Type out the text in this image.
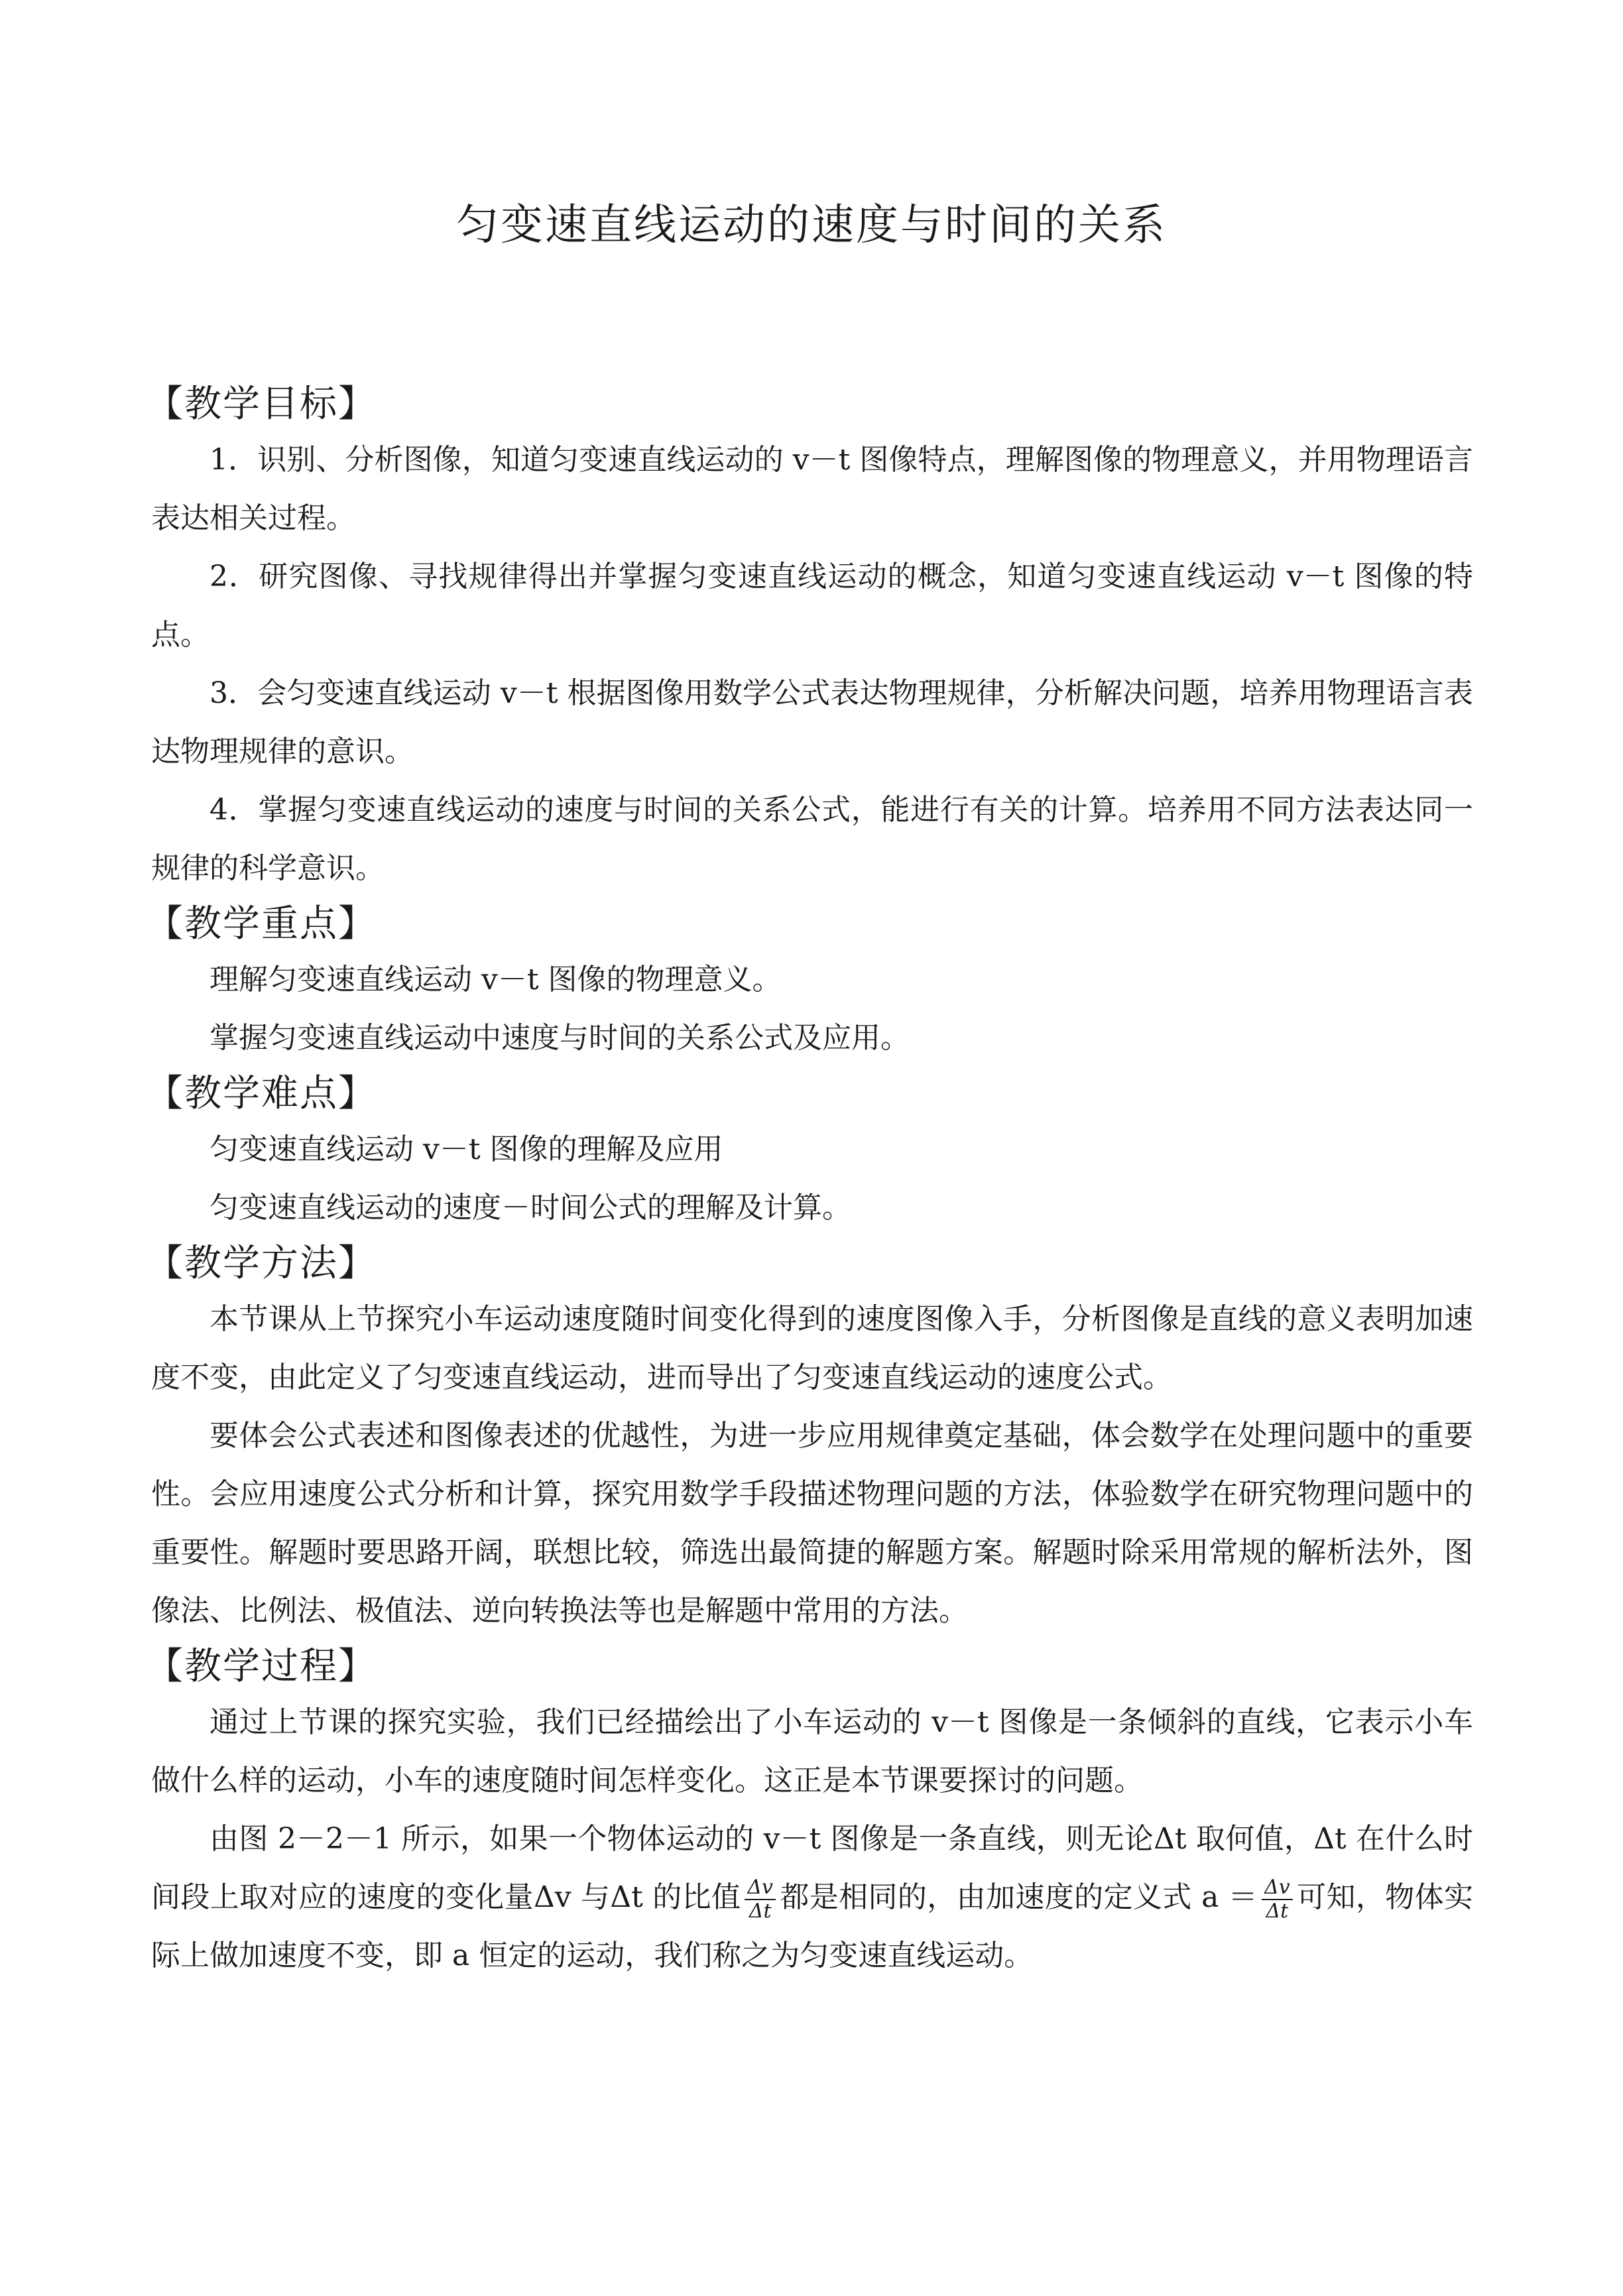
匀变速直线运动的速度与时间的关系
【教学目标】

1．识别、分析图像，知道匀变速直线运动的 v－t 图像特点，理解图像的物理意义，并用物理语言表达相关过程。

2．研究图像、寻找规律得出并掌握匀变速直线运动的概念，知道匀变速直线运动 v－t 图像的特点。

3．会匀变速直线运动 v－t 根据图像用数学公式表达物理规律，分析解决问题，培养用物理语言表达物理规律的意识。

4．掌握匀变速直线运动的速度与时间的关系公式，能进行有关的计算。培养用不同方法表达同一规律的科学意识。

【教学重点】

理解匀变速直线运动 v－t 图像的物理意义。

掌握匀变速直线运动中速度与时间的关系公式及应用。

【教学难点】

匀变速直线运动 v－t 图像的理解及应用

匀变速直线运动的速度－时间公式的理解及计算。

【教学方法】

本节课从上节探究小车运动速度随时间变化得到的速度图像入手，分析图像是直线的意义表明加速度不变，由此定义了匀变速直线运动，进而导出了匀变速直线运动的速度公式。

要体会公式表述和图像表述的优越性，为进一步应用规律奠定基础，体会数学在处理问题中的重要性。会应用速度公式分析和计算，探究用数学手段描述物理问题的方法，体验数学在研究物理问题中的重要性。解题时要思路开阔，联想比较，筛选出最简捷的解题方案。解题时除采用常规的解析法外，图像法、比例法、极值法、逆向转换法等也是解题中常用的方法。

【教学过程】

通过上节课的探究实验，我们已经描绘出了小车运动的 v－t 图像是一条倾斜的直线，它表示小车做什么样的运动，小车的速度随时间怎样变化。这正是本节课要探讨的问题。

由图 2－2－1 所示，如果一个物体运动的 v－t 图像是一条直线，则无论Δt 取何值，Δt 在什么时间段上取对应的速度的变化量Δv 与Δt 的比值 $\frac{\Delta v}{\Delta t}$ 都是相同的，由加速度的定义式 $a = \frac{\Delta v}{\Delta t}$ 可知，物体实际上做加速度不变，即 a 恒定的运动，我们称之为匀变速直线运动。
